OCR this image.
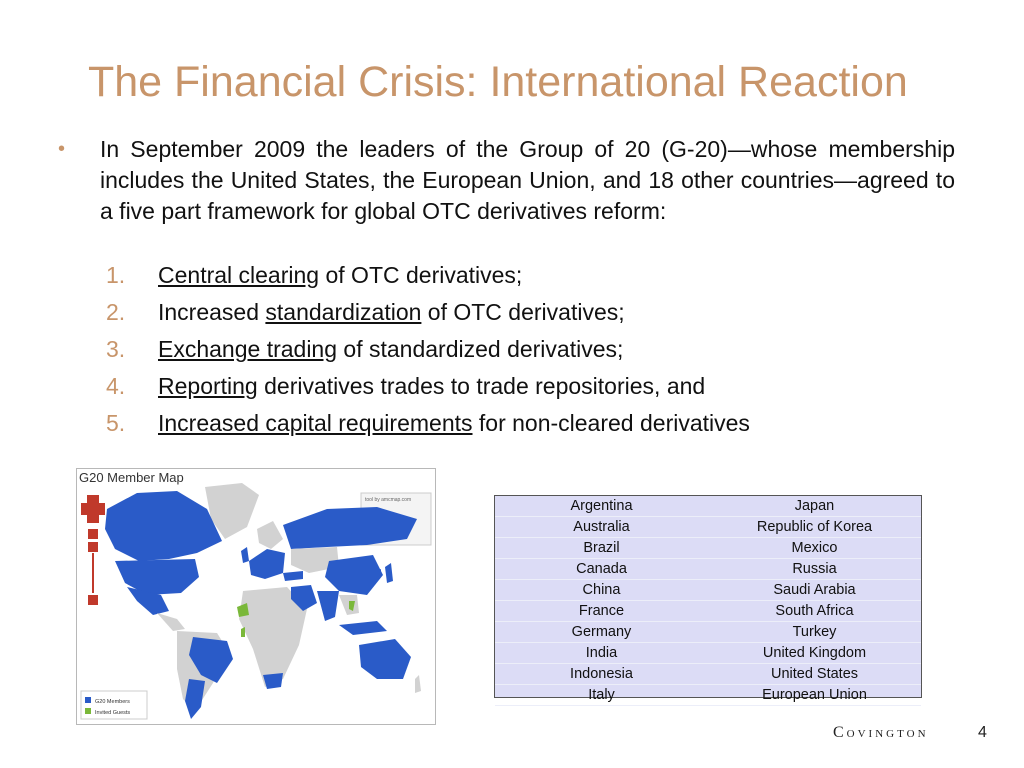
The Financial Crisis: International Reaction
• In September 2009 the leaders of the Group of 20 (G-20)—whose membership includes the United States, the European Union, and 18 other countries—agreed to a five part framework for global OTC derivatives reform:
1. Central clearing of OTC derivatives;
2. Increased standardization of OTC derivatives;
3. Exchange trading of standardized derivatives;
4. Reporting derivatives trades to trade repositories, and
5. Increased capital requirements for non-cleared derivatives
G20 Member Map
tool by amcmap.com
G20 Members
Invited Guests
Argentina	Japan
Australia	Republic of Korea
Brazil	Mexico
Canada	Russia
China	Saudi Arabia
France	South Africa
Germany	Turkey
India	United Kingdom
Indonesia	United States
Italy	European Union
Covington	4
